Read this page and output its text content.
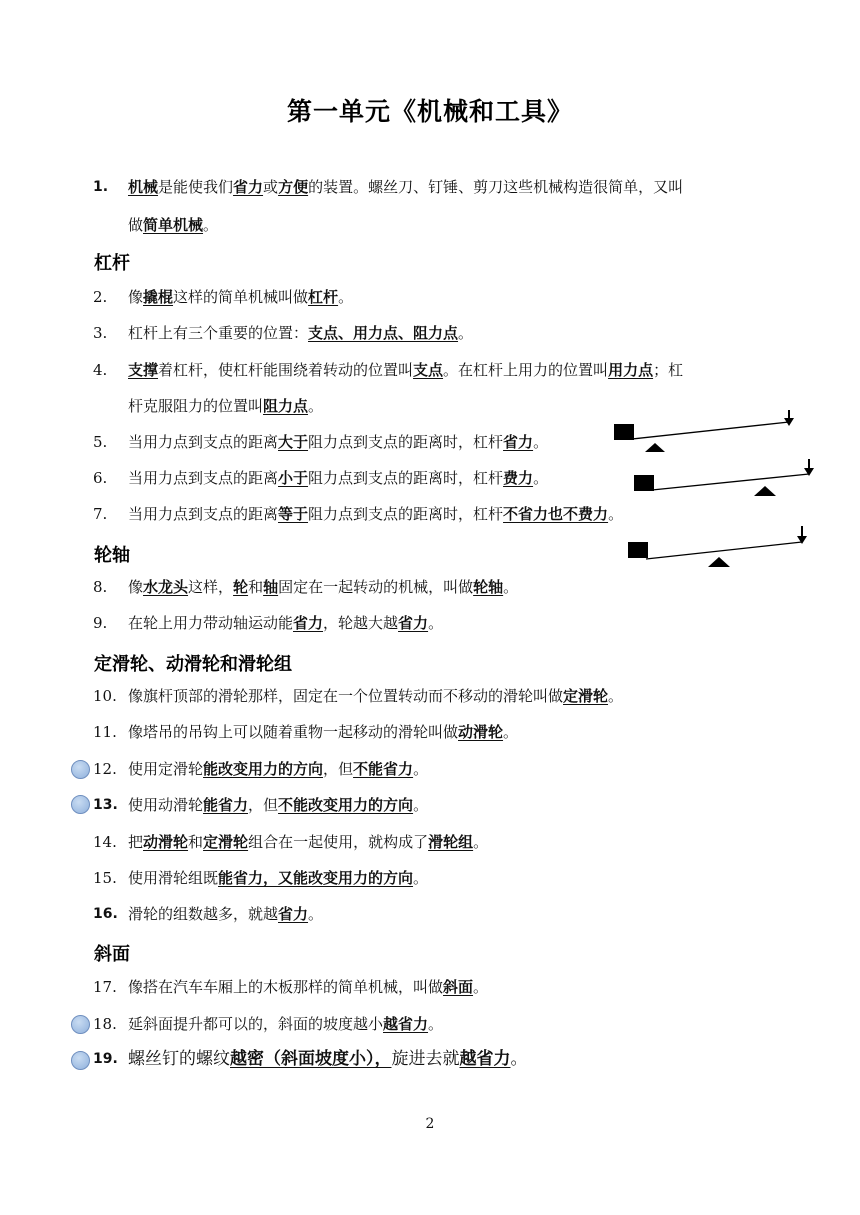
第一单元《机械和工具》
1.	机械是能使我们省力或方便的装置。螺丝刀、钉锤、剪刀这些机械构造很简单，又叫
做简单机械。
杠杆
2.	像撬棍这样的简单机械叫做杠杆。
3.	杠杆上有三个重要的位置：支点、用力点、阻力点。
4.	支撑着杠杆，使杠杆能围绕着转动的位置叫支点。在杠杆上用力的位置叫用力点；杠
杆克服阻力的位置叫阻力点。
5.	当用力点到支点的距离大于阻力点到支点的距离时，杠杆省力。
6.	当用力点到支点的距离小于阻力点到支点的距离时，杠杆费力。
7.	当用力点到支点的距离等于阻力点到支点的距离时，杠杆不省力也不费力。
轮轴
8.	像水龙头这样，轮和轴固定在一起转动的机械，叫做轮轴。
9.	在轮上用力带动轴运动能省力，轮越大越省力。
定滑轮、动滑轮和滑轮组
10. 像旗杆顶部的滑轮那样，固定在一个位置转动而不移动的滑轮叫做定滑轮。
11. 像塔吊的吊钩上可以随着重物一起移动的滑轮叫做动滑轮。
12. 使用定滑轮能改变用力的方向，但不能省力。
13. 使用动滑轮能省力，但不能改变用力的方向。
14. 把动滑轮和定滑轮组合在一起使用，就构成了滑轮组。
15. 使用滑轮组既能省力，又能改变用力的方向。
16. 滑轮的组数越多，就越省力。
斜面
17. 像搭在汽车车厢上的木板那样的简单机械，叫做斜面。
18. 延斜面提升都可以的，斜面的坡度越小越省力。
19. 螺丝钉的螺纹越密（斜面坡度小），旋进去就越省力。
2
